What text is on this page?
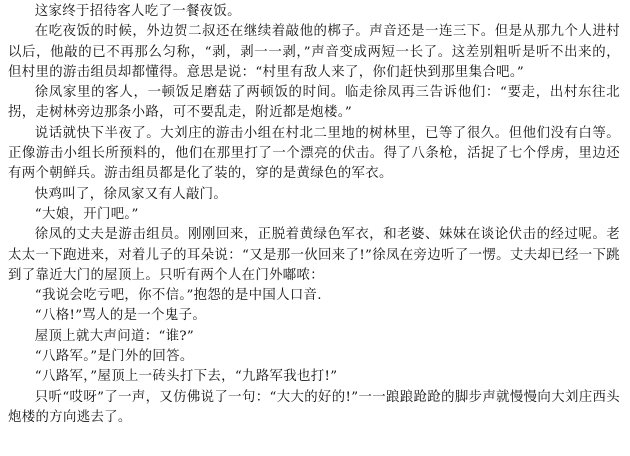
这家终于招待客人吃了一餐夜饭。

在吃夜饭的时候，外边贺二叔还在继续着敲他的梆子。声音还是一连三下。但是从那九个人进村以后，他敲的已不再那么匀称，“剥，剥一一剥，”声音变成两短一长了。这差别粗听是听不出来的，但村里的游击组员却都懂得。意思是说：“村里有敌人来了，你们赶快到那里集合吧。”

徐凤家里的客人，一顿饭足磨菇了两顿饭的时间。临走徐凤再三告诉他们：“要走，出村东往北拐，走树林旁边那条小路，可不要乱走，附近都是炮楼。”

说话就快下半夜了。大刘庄的游击小组在村北二里地的树林里，已等了很久。但他们没有白等。正像游击小组长所预料的，他们在那里打了一个漂亮的伏击。得了八条枪，活捉了七个俘虏，里边还有两个朝鲜兵。游击组员都是化了装的，穿的是黄绿色的军衣。

快鸡叫了，徐凤家又有人敲门。

“大娘，开门吧。”

徐凤的丈夫是游击组员。刚刚回来，正脱着黄绿色军衣，和老婆、妹妹在谈论伏击的经过呢。老太太一下跑进来，对着儿子的耳朵说：“又是那一伙回来了!”徐凤在旁边听了一愣。丈夫却已经一下跳到了靠近大门的屋顶上。只听有两个人在门外嘟哝：

“我说会吃亏吧，你不信。”抱怨的是中国人口音.

“八格!”骂人的是一个鬼子。

屋顶上就大声问道：“谁?”

“八路军。”是门外的回答。

“八路军，”屋顶上一砖头打下去，“九路军我也打!”

只听“哎呀”了一声，又仿佛说了一句：“大大的好的!”一一踉踉跄跄的脚步声就慢慢向大刘庄西头炮楼的方向逃去了。
